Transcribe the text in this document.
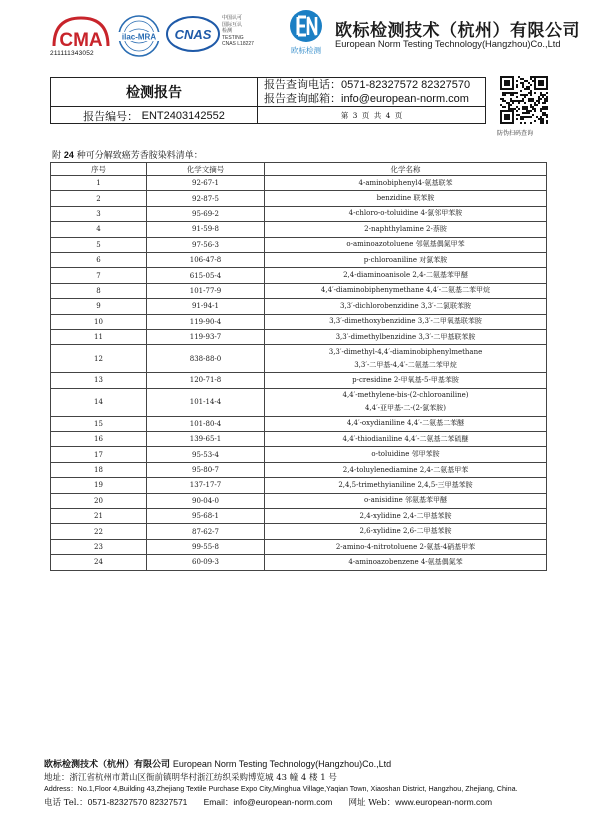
CMA
211111343052
ilac-MRA CNAS
中国认可
国际互认
检测
TESTING
CNAS L18227
欧标检测
欧标检测技术（杭州）有限公司
European Norm Testing Technology(Hangzhou)Co.,Ltd
检测报告
报告查询电话：0571-82327572 82327570
报告查询邮箱：info@european-norm.com
报告编号：
ENT2403142552	第 3 页 共 4 页
防伪扫码查询
附 24 种可分解致癌芳香胺染料清单：
序号	化学文摘号	化学名称
1	92-67-1	4-aminobiphenyl4-氨基联苯

2	92-87-5	benzidine 联苯胺

3	95-69-2	4-chloro-o-toluidine 4-氯邻甲苯胺

4	91-59-8	2-naphthylamine 2-萘胺

5	97-56-3	o-aminoazotoluene 邻氨基偶氮甲苯

6	106-47-8	p-chloroaniline 对氯苯胺

7	615-05-4	2,4-diaminoanisole 2,4-二氨基苯甲醚

8	101-77-9	4,4′-diaminobiphenymethane 4,4′-二氨基二苯甲烷

9	91-94-1	3,3′-dichlorobenzidine 3,3′-二氯联苯胺

10	119-90-4	3,3′-dimethoxybenzidine 3,3′-二甲氧基联苯胺

11	119-93-7	3,3′-dimethylbenzidine 3,3′-二甲基联苯胺

12	838-88-0	3,3′-dimethyl-4,4′-diaminobiphenylmethane
3,3′-二甲基-4,4′-二氨基二苯甲烷

13	120-71-8	p-cresidine 2-甲氧基-5-甲基苯胺

14	101-14-4	4,4′-methylene-bis-(2-chloroaniline)
4,4′-亚甲基-二-(2-氯苯胺)

15	101-80-4	4,4′-oxydianiline 4,4′-二氨基二苯醚

16	139-65-1	4,4′-thiodianiline 4,4′-二氨基二苯硫醚

17	95-53-4	o-toluidine 邻甲苯胺

18	95-80-7	2,4-toluylenediamine 2,4-二氨基甲苯

19	137-17-7	2,4,5-trimethyianiline 2,4,5-三甲基苯胺

20	90-04-0	o-anisidine 邻氨基苯甲醚

21	95-68-1	2,4-xylidine 2,4-二甲基苯胺

22	87-62-7	2,6-xylidine 2,6-二甲基苯胺

23	99-55-8	2-amino-4-nitrotoluene 2-氨基-4硝基甲苯

24	60-09-3	4-aminoazobenzene 4-氨基偶氮苯
欧标检测技术（杭州）有限公司 European Norm Testing Technology(Hangzhou)Co.,Ltd
地址：浙江省杭州市萧山区衙前镇明华村浙江纺织采购博览城 43 幢 4 楼 1 号
Address：No.1,Floor 4,Building 43,Zhejiang Textile Purchase Expo City,Minghua Village,Yaqian Town, Xiaoshan District, Hangzhou, Zhejiang, China.
电话 Tel.：0571-82327570 82327571 Email：info@european-norm.com 网址 Web：www.european-norm.com
